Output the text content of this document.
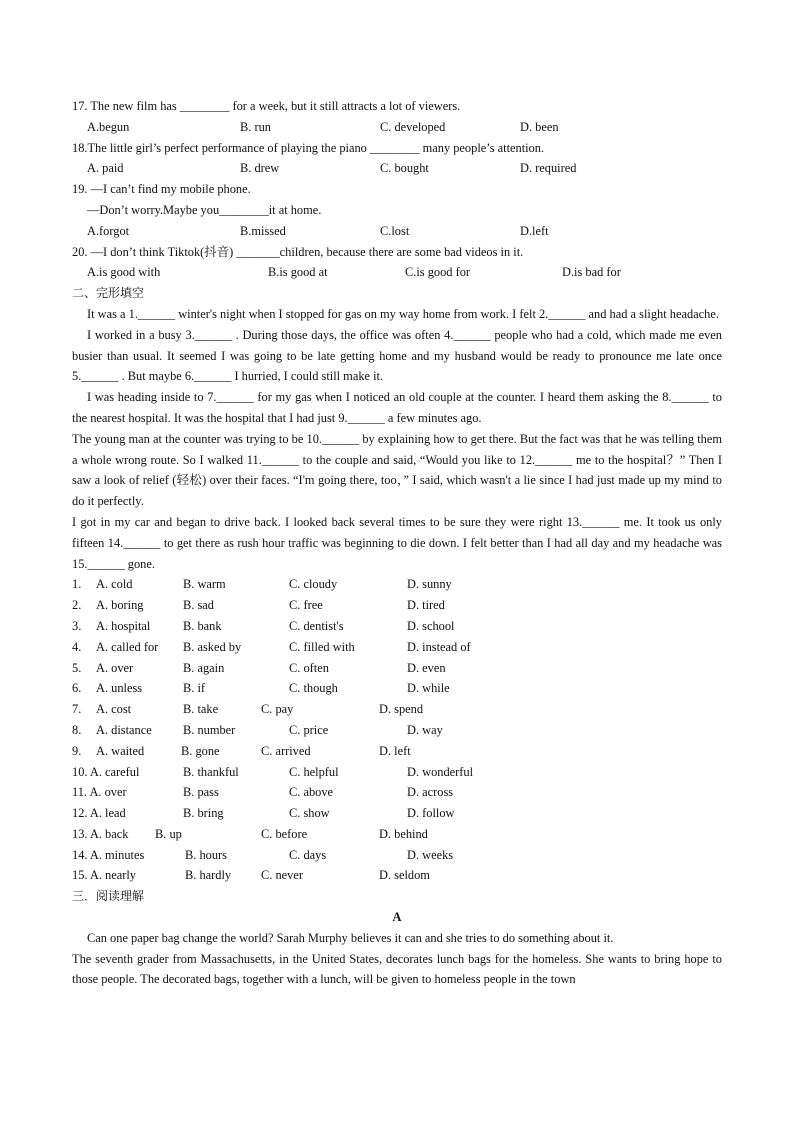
17. The new film has ________ for a week, but it still attracts a lot of viewers.
A.begun	B. run	C. developed	D. been
18.The little girl’s perfect performance of playing the piano ________ many people’s attention.
A. paid	B. drew	C. bought	D. required
19. —I can’t find my mobile phone.
—Don’t worry.Maybe you________it at home.
A.forgot	B.missed	C.lost	D.left
20. —I don’t think Tiktok(抖音) _______children, because there are some bad videos in it.
A.is good with	B.is good at	C.is good for	D.is bad for
二、完形填空
It was a 1.______ winter's night when I stopped for gas on my way home from work. I felt 2.______ and had a slight headache.
I worked in a busy 3.______ . During those days, the office was often 4.______ people who had a cold, which made me even busier than usual. It seemed I was going to be late getting home and my husband would be ready to pronounce me late once 5.______ . But maybe 6.______ I hurried, I could still make it.
I was heading inside to 7.______ for my gas when I noticed an old couple at the counter. I heard them asking the 8.______ to the nearest hospital. It was the hospital that I had just 9.______ a few minutes ago.
The young man at the counter was trying to be 10.______ by explaining how to get there. But the fact was that he was telling them a whole wrong route. So I walked 11.______ to the couple and said, “Would you like to 12.______ me to the hospital？” Then I saw a look of relief (轻松) over their faces. “I'm going there, too，” I said, which wasn't a lie since I had just made up my mind to do it perfectly.
I got in my car and began to drive back. I looked back several times to be sure they were right 13.______ me. It took us only fifteen 14.______ to get there as rush hour traffic was beginning to die down. I felt better than I had all day and my headache was 15.______ gone.
1. A. cold	B. warm	C. cloudy	D. sunny
2. A. boring	B. sad	C. free	D. tired
3. A. hospital	B. bank	C. dentist's	D. school
4. A. called for B. asked by	C. filled with	D. instead of
5. A. over	B. again	C. often	D. even
6. A. unless	B. if	C. though	D. while
7. A. cost	B. take	C. pay	D. spend
8. A. distance	B. number	C. price	D. way
9. A. waited	B. gone	C. arrived	D. left
10. A. careful	B. thankful	C. helpful	D. wonderful
11. A. over	B. pass	C. above	D. across
12. A. lead	B. bring	C. show	D. follow
13. A. back B. up	C. before	D. behind
14. A. minutes	B. hours	C. days	D. weeks
15. A. nearly	B. hardly C. never	D. seldom
三．阅读理解
A
Can one paper bag change the world? Sarah Murphy believes it can and she tries to do something about it.
The seventh grader from Massachusetts, in the United States, decorates lunch bags for the homeless. She wants to bring hope to those people. The decorated bags, together with a lunch, will be given to homeless people in the town
